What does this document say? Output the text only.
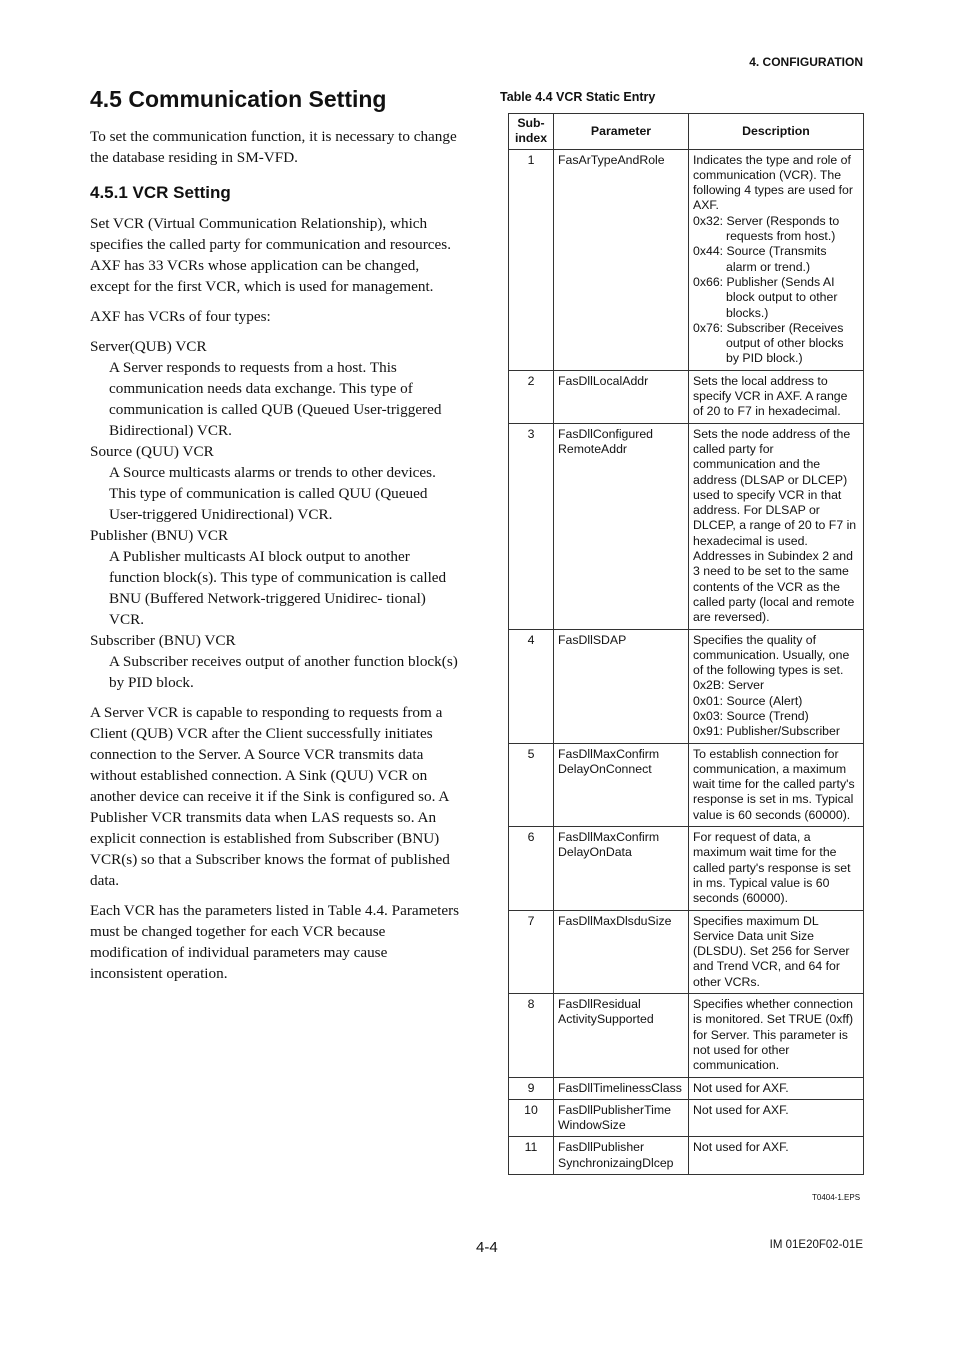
4. CONFIGURATION
4.5 Communication Setting

To set the communication function, it is necessary to change the database residing in SM-VFD.

4.5.1 VCR Setting

Set VCR (Virtual Communication Relationship), which specifies the called party for communication and resources. AXF has 33 VCRs whose application can be changed, except for the first VCR, which is used for management.

AXF has VCRs of four types:

Server(QUB) VCR
A Server responds to requests from a host. This communication needs data exchange. This type of communication is called QUB (Queued User-triggered Bidirectional) VCR.
Source (QUU) VCR
A Source multicasts alarms or trends to other devices. This type of communication is called QUU (Queued User-triggered Unidirectional) VCR.
Publisher (BNU) VCR
A Publisher multicasts AI block output to another function block(s). This type of communication is called BNU (Buffered Network-triggered Unidirec- tional) VCR.
Subscriber (BNU) VCR
A Subscriber receives output of another function block(s) by PID block.

A Server VCR is capable to responding to requests from a Client (QUB) VCR after the Client successfully initiates connection to the Server. A Source VCR transmits data without established connection. A Sink (QUU) VCR on another device can receive it if the Sink is configured so. A Publisher VCR transmits data when LAS requests so. An explicit connection is established from Subscriber (BNU) VCR(s) so that a Subscriber knows the format of published data.

Each VCR has the parameters listed in Table 4.4. Parameters must be changed together for each VCR because modification of individual parameters may cause inconsistent operation.

Table 4.4 VCR Static Entry
Sub-
index	Parameter	Description
1	FasArTypeAndRole	Indicates the type and role of communication (VCR). The following 4 types are used for AXF.
0x32: Server (Responds to requests from host.)
0x44: Source (Transmits alarm or trend.)
0x66: Publisher (Sends AI block output to other blocks.)
0x76: Subscriber (Receives output of other blocks by PID block.)

2	FasDllLocalAddr	Sets the local address to specify VCR in AXF. A range of 20 to F7 in hexadecimal.

3	FasDllConfigured
RemoteAddr	Sets the node address of the called party for communication and the address (DLSAP or DLCEP) used to specify VCR in that address. For DLSAP or DLCEP, a range of 20 to F7 in hexadecimal is used. Addresses in Subindex 2 and 3 need to be set to the same contents of the VCR as the called party (local and remote are reversed).

4	FasDllSDAP	Specifies the quality of communication. Usually, one of the following types is set.
0x2B: Server
0x01: Source (Alert)
0x03: Source (Trend)
0x91: Publisher/Subscriber

5	FasDllMaxConfirm
DelayOnConnect	To establish connection for communication, a maximum wait time for the called party's response is set in ms. Typical value is 60 seconds (60000).

6	FasDllMaxConfirm
DelayOnData	For request of data, a maximum wait time for the called party's response is set in ms. Typical value is 60 seconds (60000).

7	FasDllMaxDlsduSize	Specifies maximum DL Service Data unit Size (DLSDU). Set 256 for Server and Trend VCR, and 64 for other VCRs.

8	FasDllResidual
ActivitySupported	Specifies whether connection is monitored. Set TRUE (0xff) for Server. This parameter is not used for other communication.

9	FasDllTimelinessClass	Not used for AXF.

10	FasDllPublisherTime
WindowSize	Not used for AXF.

11	FasDllPublisher
SynchronizaingDlcep	Not used for AXF.
T0404-1.EPS
4-4	IM 01E20F02-01E
